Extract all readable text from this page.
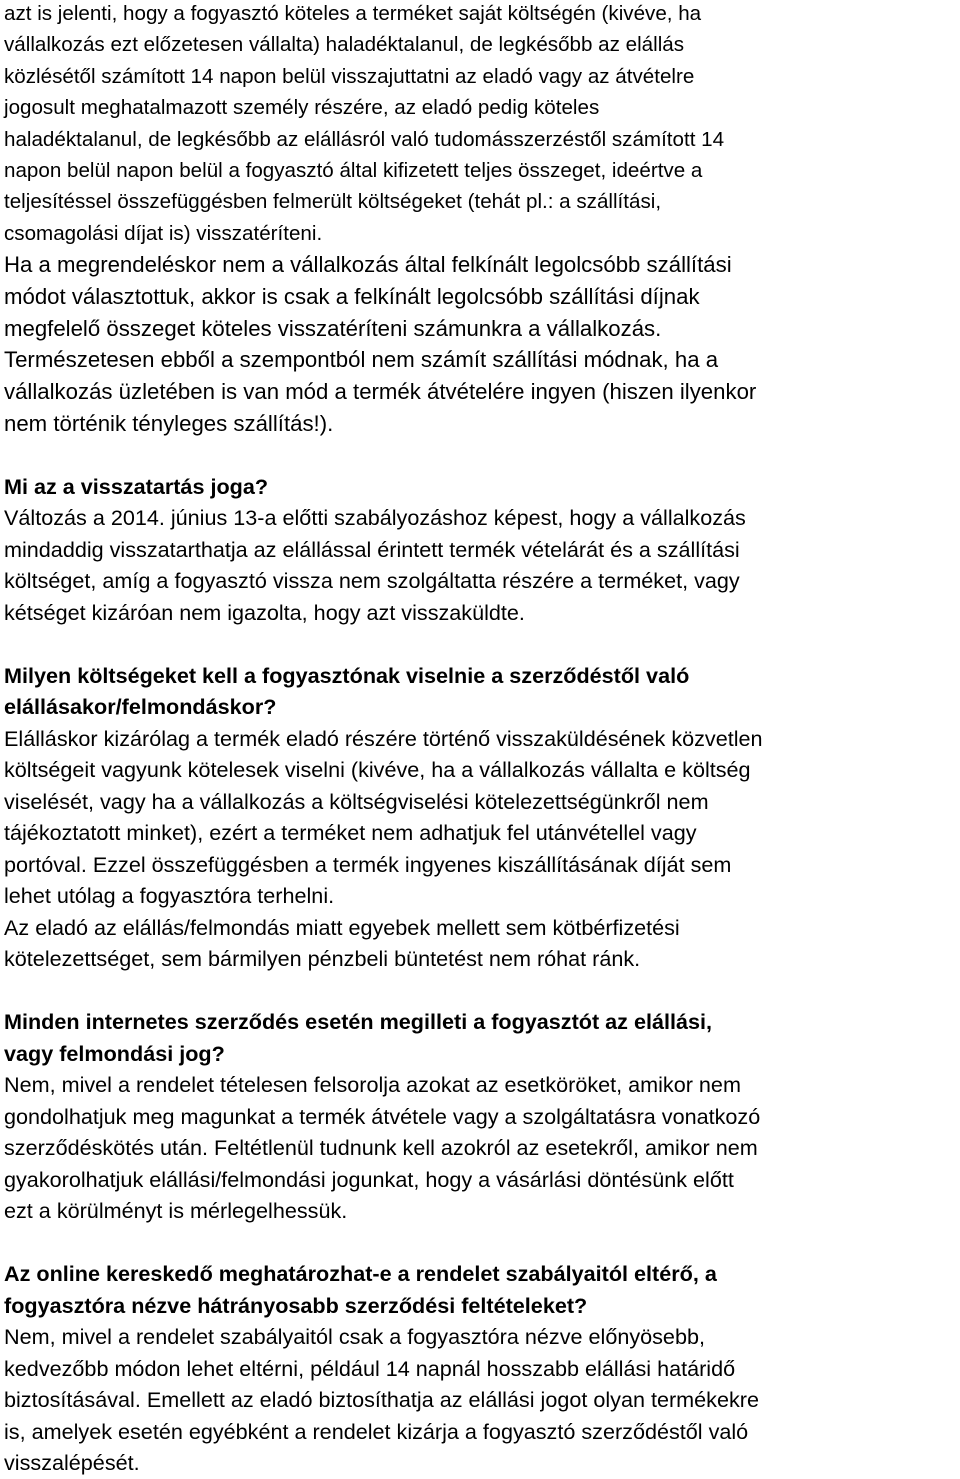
azt is jelenti, hogy a fogyasztó köteles a terméket saját költségén (kivéve, ha
vállalkozás ezt előzetesen vállalta) haladéktalanul, de legkésőbb az elállás
közlésétől számított 14 napon belül visszajuttatni az eladó vagy az átvételre
jogosult meghatalmazott személy részére, az eladó pedig köteles
haladéktalanul, de legkésőbb az elállásról való tudomásszerzéstől számított 14
napon belül napon belül a fogyasztó által kifizetett teljes összeget, ideértve a
teljesítéssel összefüggésben felmerült költségeket (tehát pl.: a szállítási,
csomagolási díjat is) visszatéríteni.
Ha a megrendeléskor nem a vállalkozás által felkínált legolcsóbb szállítási
módot választottuk, akkor is csak a felkínált legolcsóbb szállítási díjnak
megfelelő összeget köteles visszatéríteni számunkra a vállalkozás.
Természetesen ebből a szempontból nem számít szállítási módnak, ha a
vállalkozás üzletében is van mód a termék átvételére ingyen (hiszen ilyenkor
nem történik tényleges szállítás!).
Mi az a visszatartás joga?
Változás a 2014. június 13-a előtti szabályozáshoz képest, hogy a vállalkozás
mindaddig visszatarthatja az elállással érintett termék vételárát és a szállítási
költséget, amíg a fogyasztó vissza nem szolgáltatta részére a terméket, vagy
kétséget kizáróan nem igazolta, hogy azt visszaküldte.
Milyen költségeket kell a fogyasztónak viselnie a szerződéstől való
elállásakor/felmondáskor?
Elálláskor kizárólag a termék eladó részére történő visszaküldésének közvetlen
költségeit vagyunk kötelesek viselni (kivéve, ha a vállalkozás vállalta e költség
viselését, vagy ha a vállalkozás a költségviselési kötelezettségünkről nem
tájékoztatott minket), ezért a terméket nem adhatjuk fel utánvétellel vagy
portóval. Ezzel összefüggésben a termék ingyenes kiszállításának díját sem
lehet utólag a fogyasztóra terhelni.
Az eladó az elállás/felmondás miatt egyebek mellett sem kötbérfizetési
kötelezettséget, sem bármilyen pénzbeli büntetést nem róhat ránk.
Minden internetes szerződés esetén megilleti a fogyasztót az elállási,
vagy felmondási jog?
Nem, mivel a rendelet tételesen felsorolja azokat az esetköröket, amikor nem
gondolhatjuk meg magunkat a termék átvétele vagy a szolgáltatásra vonatkozó
szerződéskötés után. Feltétlenül tudnunk kell azokról az esetekről, amikor nem
gyakorolhatjuk elállási/felmondási jogunkat, hogy a vásárlási döntésünk előtt
ezt a körülményt is mérlegelhessük.
Az online kereskedő meghatározhat-e a rendelet szabályaitól eltérő, a
fogyasztóra nézve hátrányosabb szerződési feltételeket?
Nem, mivel a rendelet szabályaitól csak a fogyasztóra nézve előnyösebb,
kedvezőbb módon lehet eltérni, például 14 napnál hosszabb elállási határidő
biztosításával. Emellett az eladó biztosíthatja az elállási jogot olyan termékekre
is, amelyek esetén egyébként a rendelet kizárja a fogyasztó szerződéstől való
visszalépését.
